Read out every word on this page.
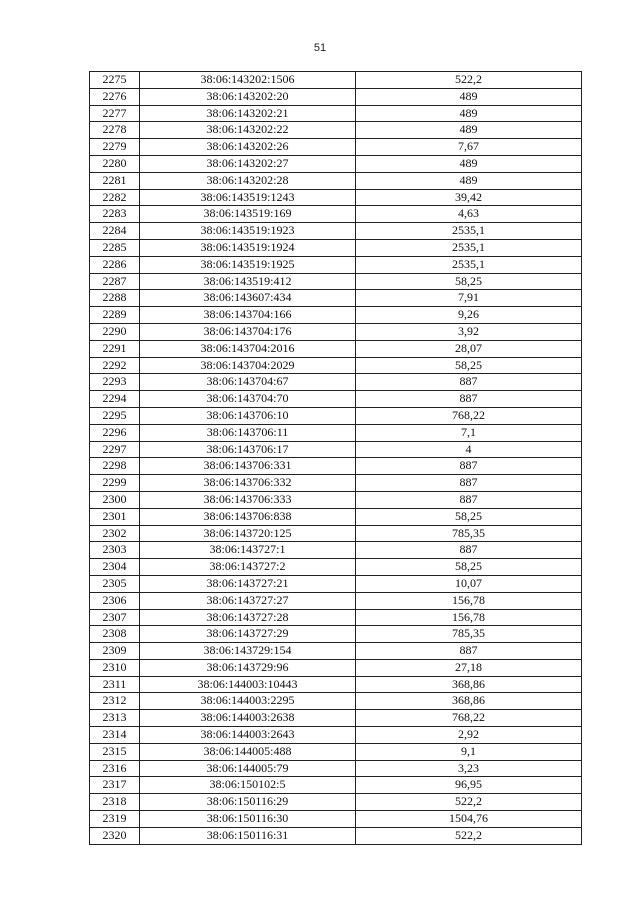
51
2275	38:06:143202:1506	522,2
2276	38:06:143202:20	489
2277	38:06:143202:21	489
2278	38:06:143202:22	489
2279	38:06:143202:26	7,67
2280	38:06:143202:27	489
2281	38:06:143202:28	489
2282	38:06:143519:1243	39,42
2283	38:06:143519:169	4,63
2284	38:06:143519:1923	2535,1
2285	38:06:143519:1924	2535,1
2286	38:06:143519:1925	2535,1
2287	38:06:143519:412	58,25
2288	38:06:143607:434	7,91
2289	38:06:143704:166	9,26
2290	38:06:143704:176	3,92
2291	38:06:143704:2016	28,07
2292	38:06:143704:2029	58,25
2293	38:06:143704:67	887
2294	38:06:143704:70	887
2295	38:06:143706:10	768,22
2296	38:06:143706:11	7,1
2297	38:06:143706:17	4
2298	38:06:143706:331	887
2299	38:06:143706:332	887
2300	38:06:143706:333	887
2301	38:06:143706:838	58,25
2302	38:06:143720:125	785,35
2303	38:06:143727:1	887
2304	38:06:143727:2	58,25
2305	38:06:143727:21	10,07
2306	38:06:143727:27	156,78
2307	38:06:143727:28	156,78
2308	38:06:143727:29	785,35
2309	38:06:143729:154	887
2310	38:06:143729:96	27,18
2311	38:06:144003:10443	368,86
2312	38:06:144003:2295	368,86
2313	38:06:144003:2638	768,22
2314	38:06:144003:2643	2,92
2315	38:06:144005:488	9,1
2316	38:06:144005:79	3,23
2317	38:06:150102:5	96,95
2318	38:06:150116:29	522,2
2319	38:06:150116:30	1504,76
2320	38:06:150116:31	522,2
